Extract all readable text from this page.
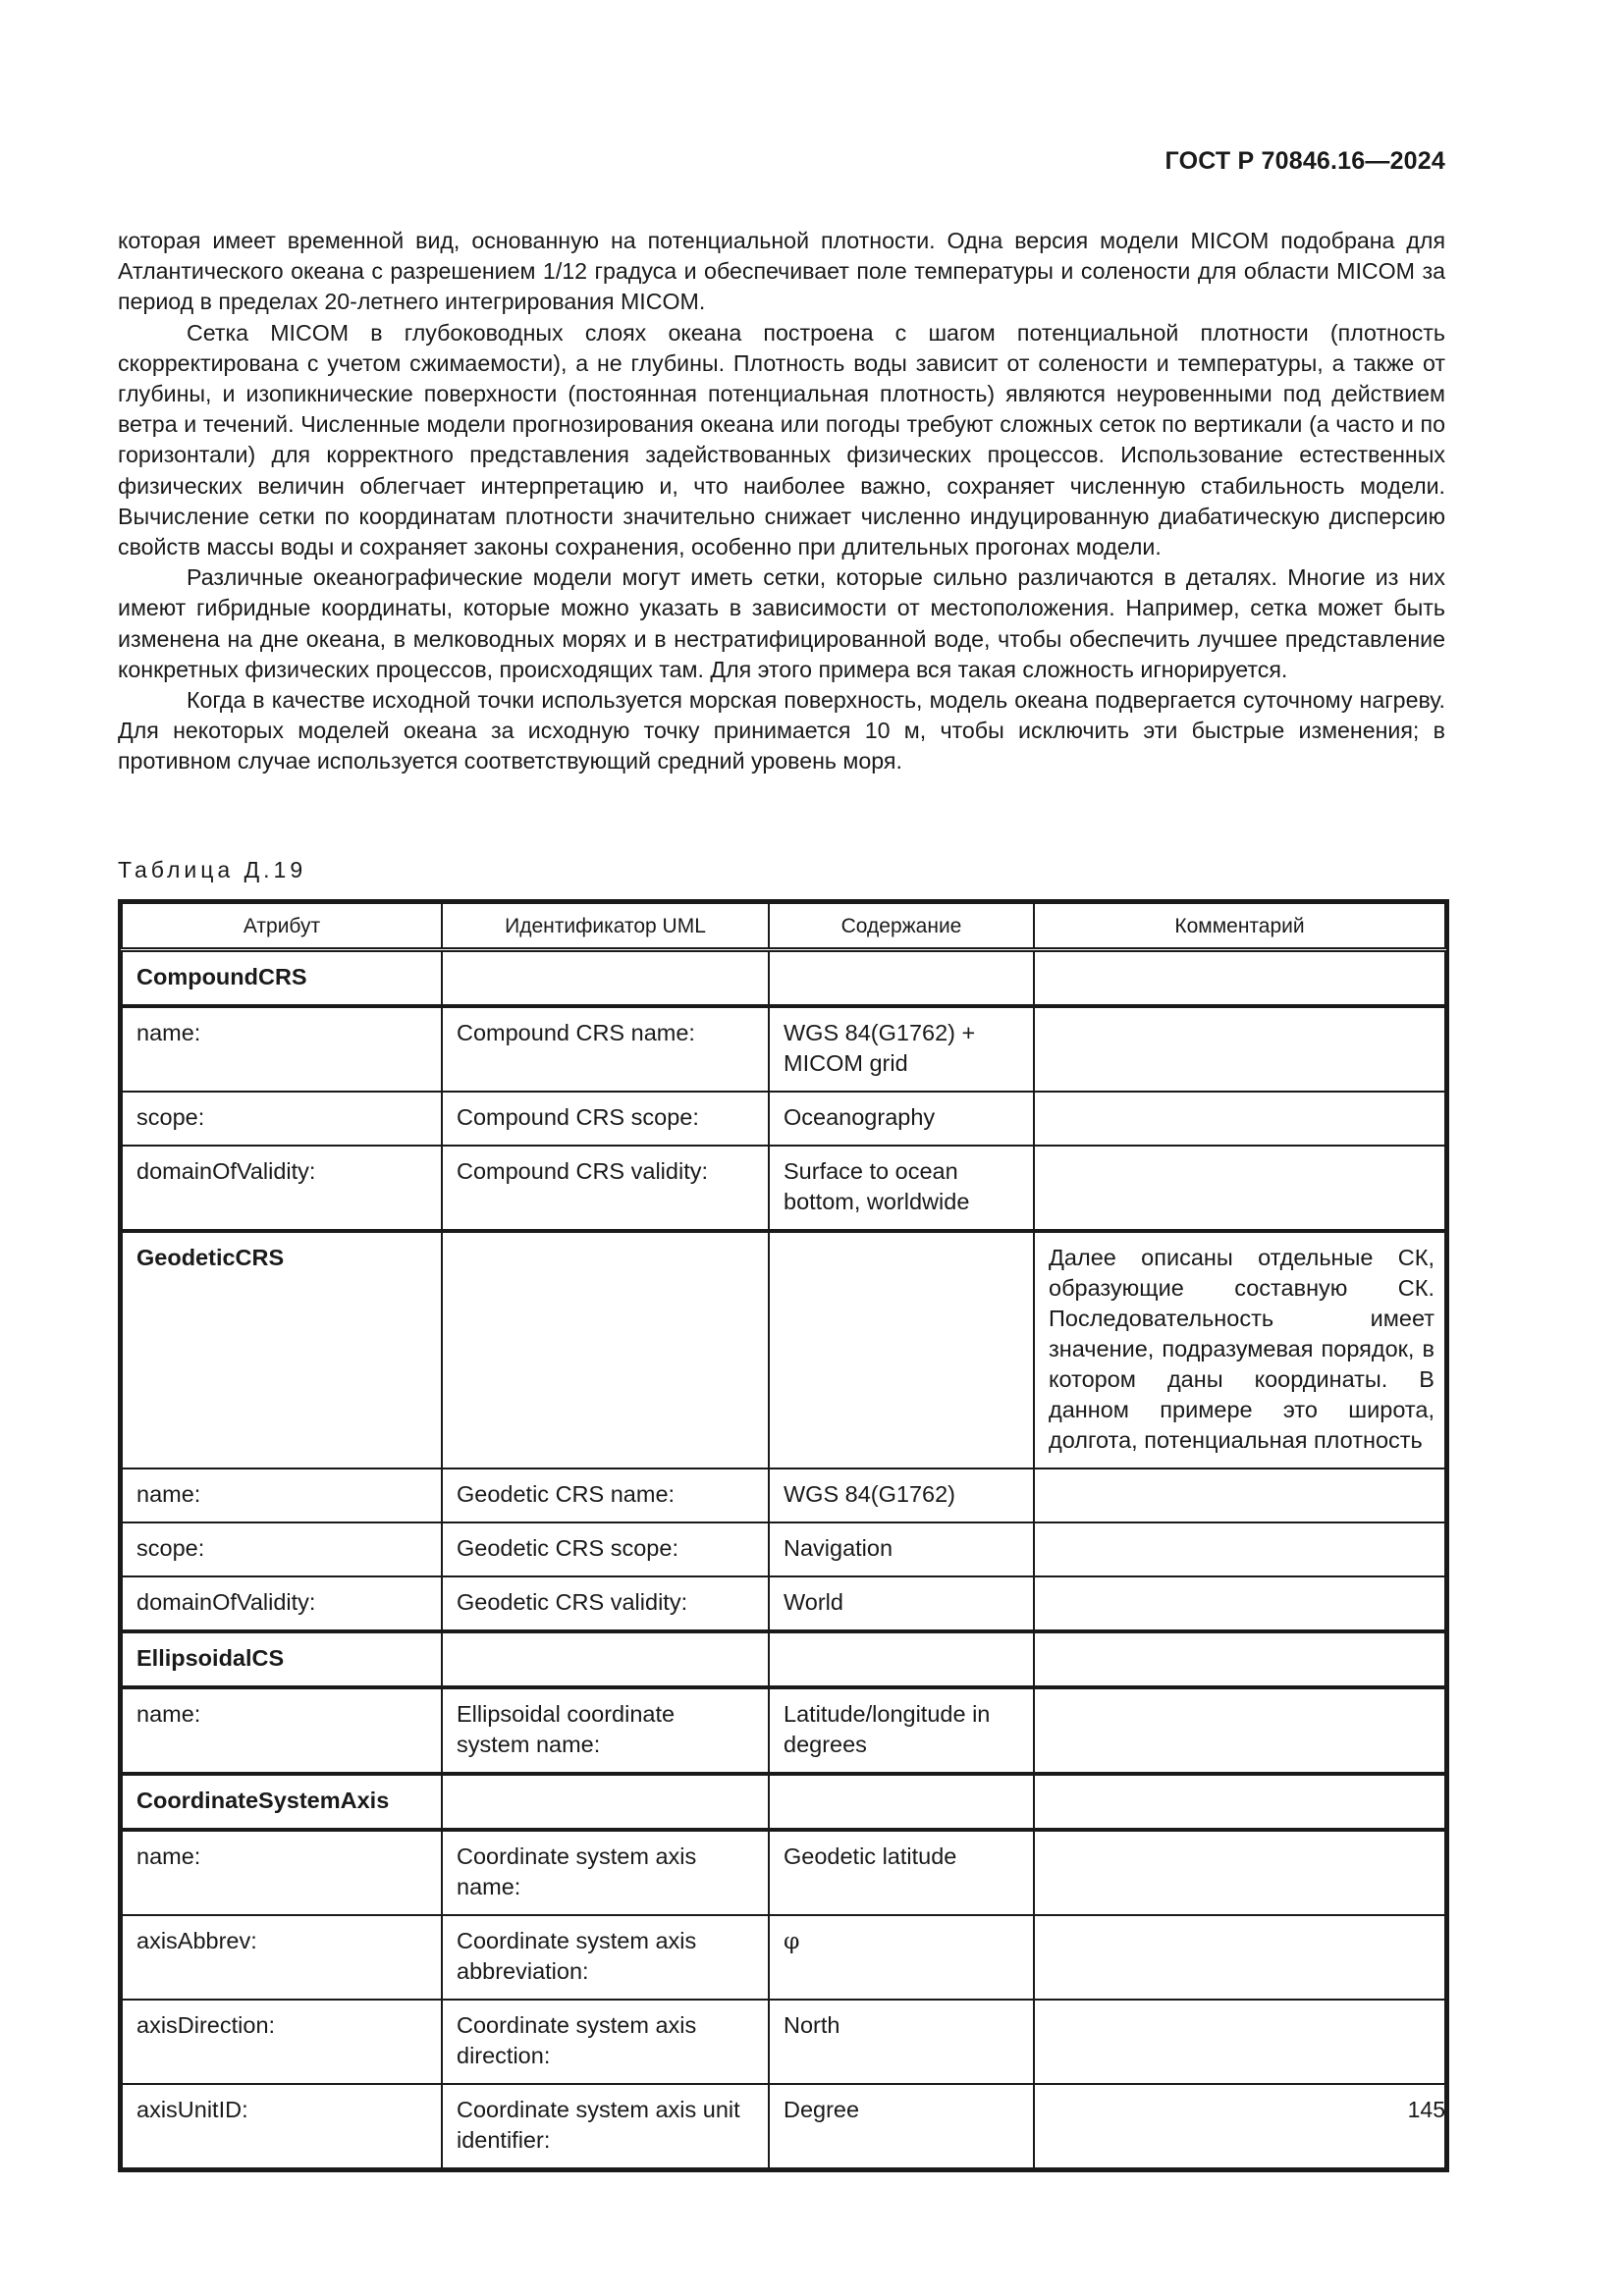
ГОСТ Р 70846.16—2024

которая имеет временной вид, основанную на потенциальной плотности. Одна версия модели MICOM подобрана для Атлантического океана с разрешением 1/12 градуса и обеспечивает поле температуры и солености для области MICOM за период в пределах 20-летнего интегрирования MICOM.

Сетка MICOM в глубоководных слоях океана построена с шагом потенциальной плотности (плотность скорректирована с учетом сжимаемости), а не глубины. Плотность воды зависит от солености и температуры, а также от глубины, и изопикнические поверхности (постоянная потенциальная плотность) являются неуровенными под действием ветра и течений. Численные модели прогнозирования океана или погоды требуют сложных сеток по вертикали (а часто и по горизонтали) для корректного представления задействованных физических процессов. Использование естественных физических величин облегчает интерпретацию и, что наиболее важно, сохраняет численную стабильность модели. Вычисление сетки по координатам плотности значительно снижает численно индуцированную диабатическую дисперсию свойств массы воды и сохраняет законы сохранения, особенно при длительных прогонах модели.

Различные океанографические модели могут иметь сетки, которые сильно различаются в деталях. Многие из них имеют гибридные координаты, которые можно указать в зависимости от местоположения. Например, сетка может быть изменена на дне океана, в мелководных морях и в нестратифицированной воде, чтобы обеспечить лучшее представление конкретных физических процессов, происходящих там. Для этого примера вся такая сложность игнорируется.

Когда в качестве исходной точки используется морская поверхность, модель океана подвергается суточному нагреву. Для некоторых моделей океана за исходную точку принимается 10 м, чтобы исключить эти быстрые изменения; в противном случае используется соответствующий средний уровень моря.

Таблица Д.19
Атрибут	Идентификатор UML	Содержание	Комментарий
CompoundCRS			
name:	Compound CRS name:	WGS 84(G1762) + MICOM grid	
scope:	Compound CRS scope:	Oceanography	
domainOfValidity:	Compound CRS validity:	Surface to ocean bottom, worldwide	
GeodeticCRS			Далее описаны отдельные СК, образующие составную СК. Последовательность имеет значение, подразумевая порядок, в котором даны координаты. В данном примере это широта, долгота, потенциальная плотность
name:	Geodetic CRS name:	WGS 84(G1762)	
scope:	Geodetic CRS scope:	Navigation	
domainOfValidity:	Geodetic CRS validity:	World	
EllipsoidalCS			
name:	Ellipsoidal coordinate system name:	Latitude/longitude in degrees	
CoordinateSystemAxis			
name:	Coordinate system axis name:	Geodetic latitude	
axisAbbrev:	Coordinate system axis abbreviation:	φ	
axisDirection:	Coordinate system axis direction:	North	
axisUnitID:	Coordinate system axis unit identifier:	Degree		145
